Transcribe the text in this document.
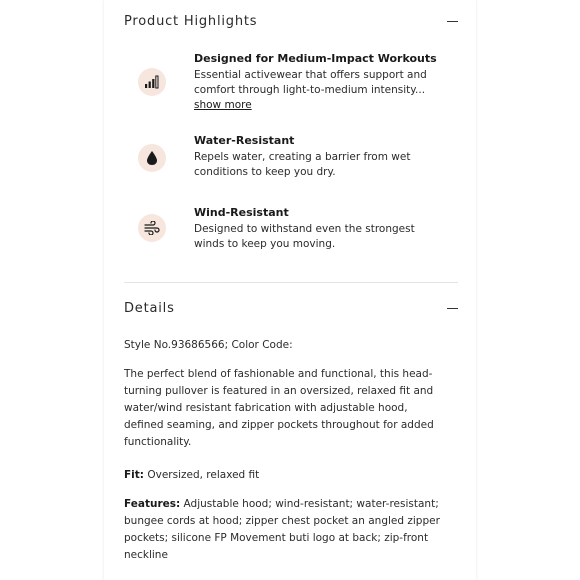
Product Highlights

Designed for Medium-Impact Workouts

Essential activewear that offers support and
comfort through light-to-medium intensity...
show more

Water-Resistant

Repels water, creating a barrier from wet
conditions to keep you dry.

Wind-Resistant

Designed to withstand even the strongest
winds to keep you moving.

Details

Style No.93686566; Color Code:

The perfect blend of fashionable and functional, this head-
turning pullover is featured in an oversized, relaxed fit and
water/wind resistant fabrication with adjustable hood,
defined seaming, and zipper pockets throughout for added
functionality.

Fit: Oversized, relaxed fit

Features: Adjustable hood; wind-resistant; water-resistant;
bungee cords at hood; zipper chest pocket an angled zipper
pockets; silicone FP Movement buti logo at back; zip-front
neckline
